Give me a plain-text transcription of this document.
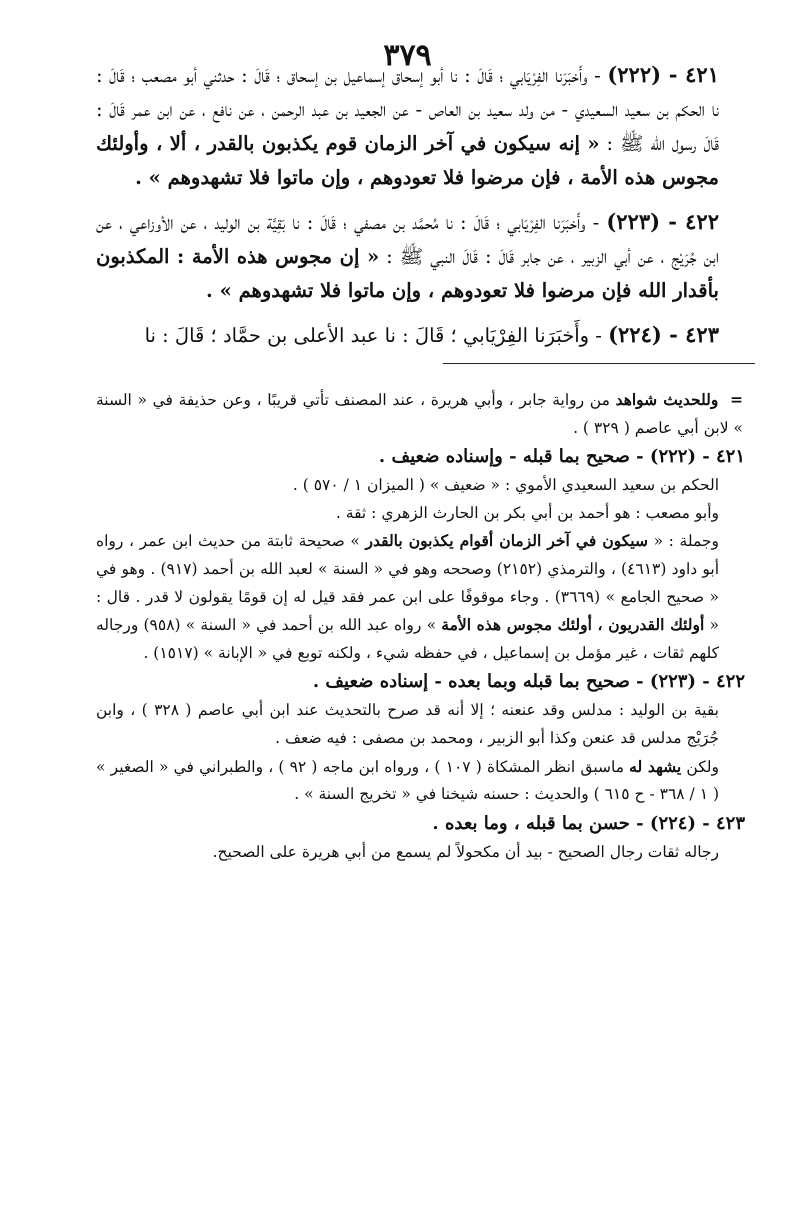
٣٧٩

٤٢١ - (٢٢٢) - وأَخبَرَنا الفِرْيَابي ؛ قَالَ : نا أبو إسحاق إسماعيل بن إسحاق ؛ قَالَ : حدثني أبو مصعب ؛ قَالَ : نا الحكم بن سعيد السعيدي - من ولد سعيد بن العاص - عن الجعيد بن عبد الرحمن ، عن نافع ، عن ابن عمر قَالَ : قَالَ رسول الله ﷺ : « إنه سيكون في آخر الزمان قوم يكذبون بالقدر ، ألا ، وأولئك مجوس هذه الأمة ، فإن مرضوا فلا تعودوهم ، وإن ماتوا فلا تشهدوهم » .

٤٢٢ - (٢٢٣) - وأَخبَرَنا الفِرْيَابي ؛ قَالَ : نا مُحمَّد بن مصفي ؛ قَالَ : نا بَقِيَّة بن الوليد ، عن الأوزاعي ، عن ابن جُرَيْج ، عن أبي الزبير ، عن جابر قَالَ : قَالَ النبي ﷺ : « إن مجوس هذه الأمة : المكذبون بأقدار الله فإن مرضوا فلا تعودوهم ، وإن ماتوا فلا تشهدوهم » .

٤٢٣ - (٢٢٤) - وأَخبَرَنا الفِرْيَابي ؛ قَالَ : نا عبد الأعلى بن حمَّاد ؛ قَالَ : نا

= وللحديث شواهد من رواية جابر ، وأبي هريرة ، عند المصنف تأتي قريبًا ، وعن حذيفة في « السنة » لابن أبي عاصم ( ٣٢٩ ) .

٤٢١ - (٢٢٢) - صحيح بما قبله - وإسناده ضعيف .

الحكم بن سعيد السعيدي الأموي : « ضعيف » ( الميزان ١ / ٥٧٠ ) .

وأبو مصعب : هو أحمد بن أبي بكر بن الحارث الزهري : ثقة .

وجملة : « سيكون في آخر الزمان أقوام يكذبون بالقدر » صحيحة ثابتة من حديث ابن عمر ، رواه أبو داود (٤٦١٣) ، والترمذي (٢١٥٢) وصححه وهو في « السنة » لعبد الله بن أحمد (٩١٧) . وهو في « صحيح الجامع » (٣٦٦٩) . وجاء موقوفًا على ابن عمر فقد قيل له إن قومًا يقولون لا قدر . قال : « أولئك القدريون ، أولئك مجوس هذه الأمة » رواه عبد الله بن أحمد في « السنة » (٩٥٨) ورجاله كلهم ثقات ، غير مؤمل بن إسماعيل ، في حفظه شيء ، ولكنه توبع في « الإبانة » (١٥١٧) .

٤٢٢ - (٢٢٣) - صحيح بما قبله وبما بعده - إسناده ضعيف .

بقية بن الوليد : مدلس وقد عنعنه ؛ إلا أنه قد صرح بالتحديث عند ابن أبي عاصم ( ٣٢٨ ) ، وابن جُرَيْج مدلس قد عنعن وكذا أبو الزبير ، ومحمد بن مصفى : فيه ضعف .

ولكن يشهد له ماسبق انظر المشكاة ( ١٠٧ ) ، ورواه ابن ماجه ( ٩٢ ) ، والطبراني في « الصغير » ( ١ / ٣٦٨ - ح ٦١٥ ) والحديث : حسنه شيخنا في « تخريج السنة » .

٤٢٣ - (٢٢٤) - حسن بما قبله ، وما بعده .

رجاله ثقات رجال الصحيح - بيد أن مكحولاً لم يسمع من أبي هريرة على الصحيح.
